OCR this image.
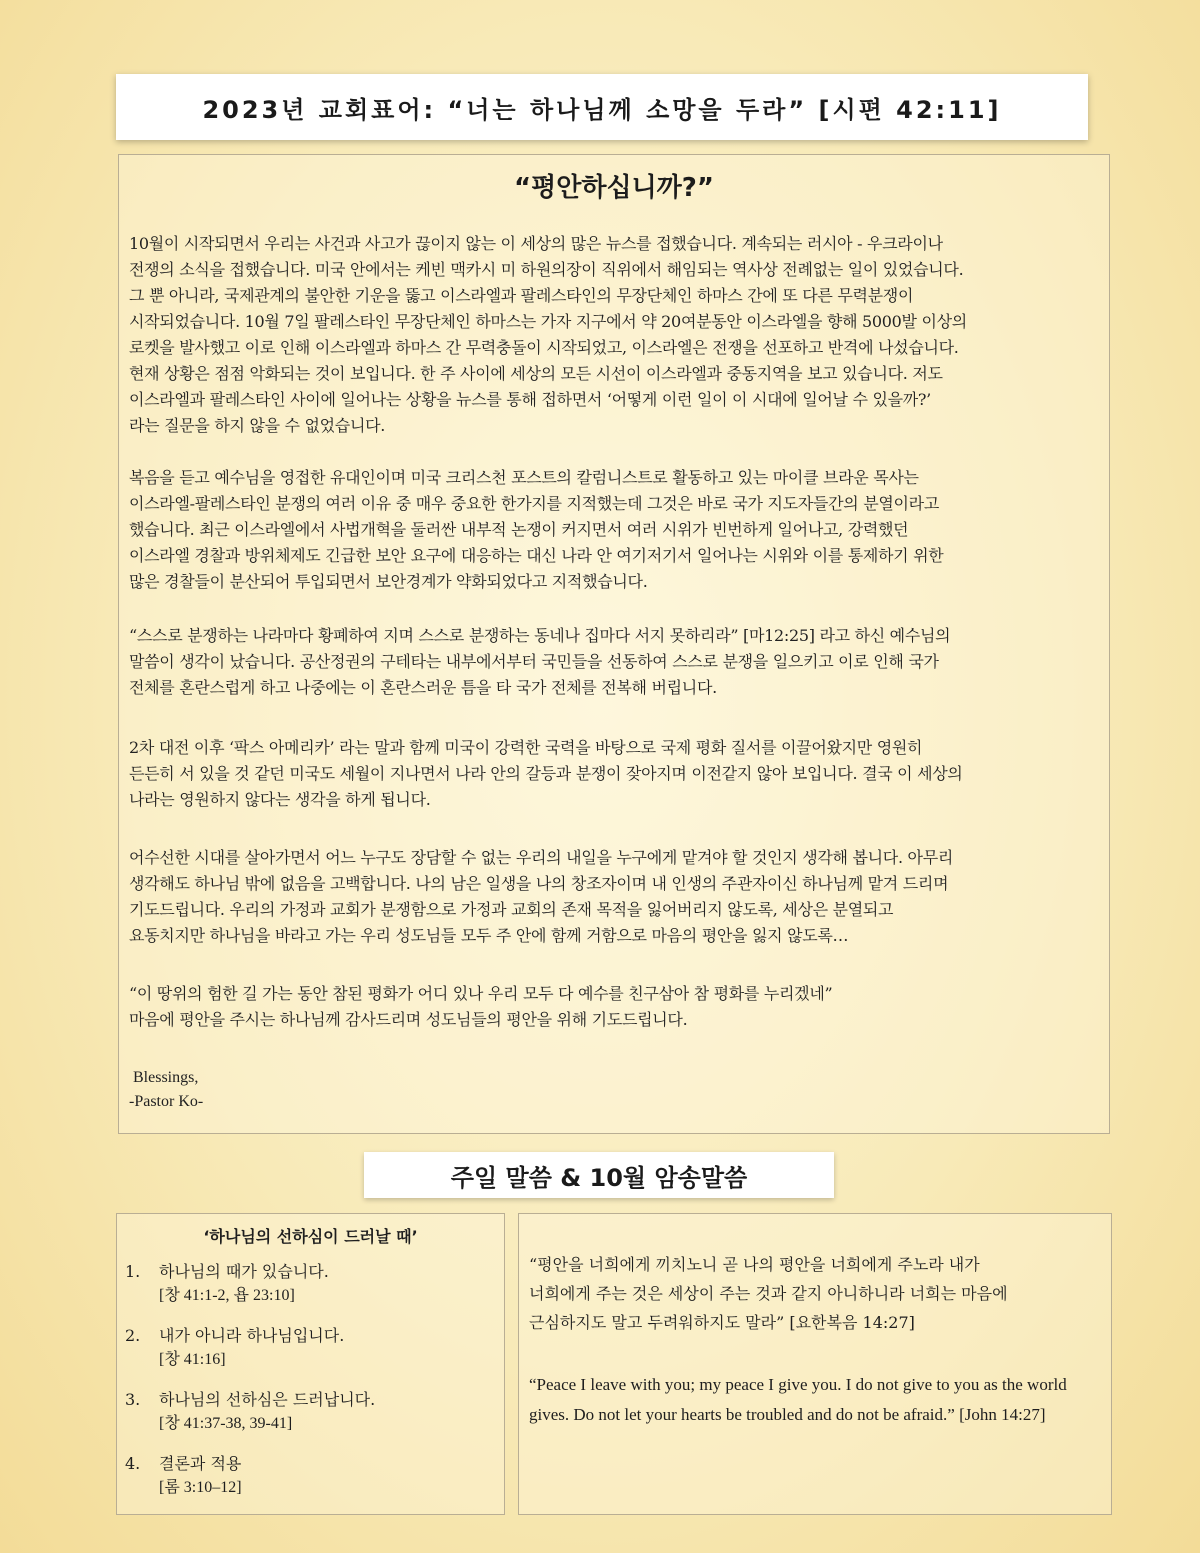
2023년 교회표어: “너는 하나님께 소망을 두라” [시편 42:11]
“평안하십니까?”
10월이 시작되면서 우리는 사건과 사고가 끊이지 않는 이 세상의 많은 뉴스를 접했습니다. 계속되는 러시아 - 우크라이나
전쟁의 소식을 접했습니다. 미국 안에서는 케빈 맥카시 미 하원의장이 직위에서 해임되는 역사상 전례없는 일이 있었습니다.
그 뿐 아니라, 국제관계의 불안한 기운을 뚫고 이스라엘과 팔레스타인의 무장단체인 하마스 간에 또 다른 무력분쟁이
시작되었습니다. 10월 7일 팔레스타인 무장단체인 하마스는 가자 지구에서 약 20여분동안 이스라엘을 향해 5000발 이상의
로켓을 발사했고 이로 인해 이스라엘과 하마스 간 무력충돌이 시작되었고, 이스라엘은 전쟁을 선포하고 반격에 나섰습니다.
현재 상황은 점점 악화되는 것이 보입니다. 한 주 사이에 세상의 모든 시선이 이스라엘과 중동지역을 보고 있습니다. 저도
이스라엘과 팔레스타인 사이에 일어나는 상황을 뉴스를 통해 접하면서 ‘어떻게 이런 일이 이 시대에 일어날 수 있을까?’
라는 질문을 하지 않을 수 없었습니다.
복음을 듣고 예수님을 영접한 유대인이며 미국 크리스천 포스트의 칼럼니스트로 활동하고 있는 마이클 브라운 목사는
이스라엘-팔레스타인 분쟁의 여러 이유 중 매우 중요한 한가지를 지적했는데 그것은 바로 국가 지도자들간의 분열이라고
했습니다. 최근 이스라엘에서 사법개혁을 둘러싼 내부적 논쟁이 커지면서 여러 시위가 빈번하게 일어나고, 강력했던
이스라엘 경찰과 방위체제도 긴급한 보안 요구에 대응하는 대신 나라 안 여기저기서 일어나는 시위와 이를 통제하기 위한
많은 경찰들이 분산되어 투입되면서 보안경계가 약화되었다고 지적했습니다.
“스스로 분쟁하는 나라마다 황폐하여 지며 스스로 분쟁하는 동네나 집마다 서지 못하리라” [마12:25] 라고 하신 예수님의
말씀이 생각이 났습니다. 공산정권의 구테타는 내부에서부터 국민들을 선동하여 스스로 분쟁을 일으키고 이로 인해 국가
전체를 혼란스럽게 하고 나중에는 이 혼란스러운 틈을 타 국가 전체를 전복해 버립니다.
2차 대전 이후 ‘팍스 아메리카’ 라는 말과 함께 미국이 강력한 국력을 바탕으로 국제 평화 질서를 이끌어왔지만 영원히
든든히 서 있을 것 같던 미국도 세월이 지나면서 나라 안의 갈등과 분쟁이 잦아지며 이전같지 않아 보입니다. 결국 이 세상의
나라는 영원하지 않다는 생각을 하게 됩니다.
어수선한 시대를 살아가면서 어느 누구도 장담할 수 없는 우리의 내일을 누구에게 맡겨야 할 것인지 생각해 봅니다. 아무리
생각해도 하나님 밖에 없음을 고백합니다. 나의 남은 일생을 나의 창조자이며 내 인생의 주관자이신 하나님께 맡겨 드리며
기도드립니다. 우리의 가정과 교회가 분쟁함으로 가정과 교회의 존재 목적을 잃어버리지 않도록, 세상은 분열되고
요동치지만 하나님을 바라고 가는 우리 성도님들 모두 주 안에 함께 거함으로 마음의 평안을 잃지 않도록…
“이 땅위의 험한 길 가는 동안 참된 평화가 어디 있나 우리 모두 다 예수를 친구삼아 참 평화를 누리겠네”
마음에 평안을 주시는 하나님께 감사드리며 성도님들의 평안을 위해 기도드립니다.
Blessings,
-Pastor Ko-
주일 말씀 & 10월 암송말씀
‘하나님의 선하심이 드러날 때’
1. 하나님의 때가 있습니다.
[창 41:1-2, 욥 23:10]
2. 내가 아니라 하나님입니다.
[창 41:16]
3. 하나님의 선하심은 드러납니다.
[창 41:37-38, 39-41]
4. 결론과 적용
[롬 3:10–12]
“평안을 너희에게 끼치노니 곧 나의 평안을 너희에게 주노라 내가
너희에게 주는 것은 세상이 주는 것과 같지 아니하니라 너희는 마음에
근심하지도 말고 두려워하지도 말라” [요한복음 14:27]
“Peace I leave with you; my peace I give you. I do not give to you as the world gives. Do not let your hearts be troubled and do not be afraid.” [John 14:27]
